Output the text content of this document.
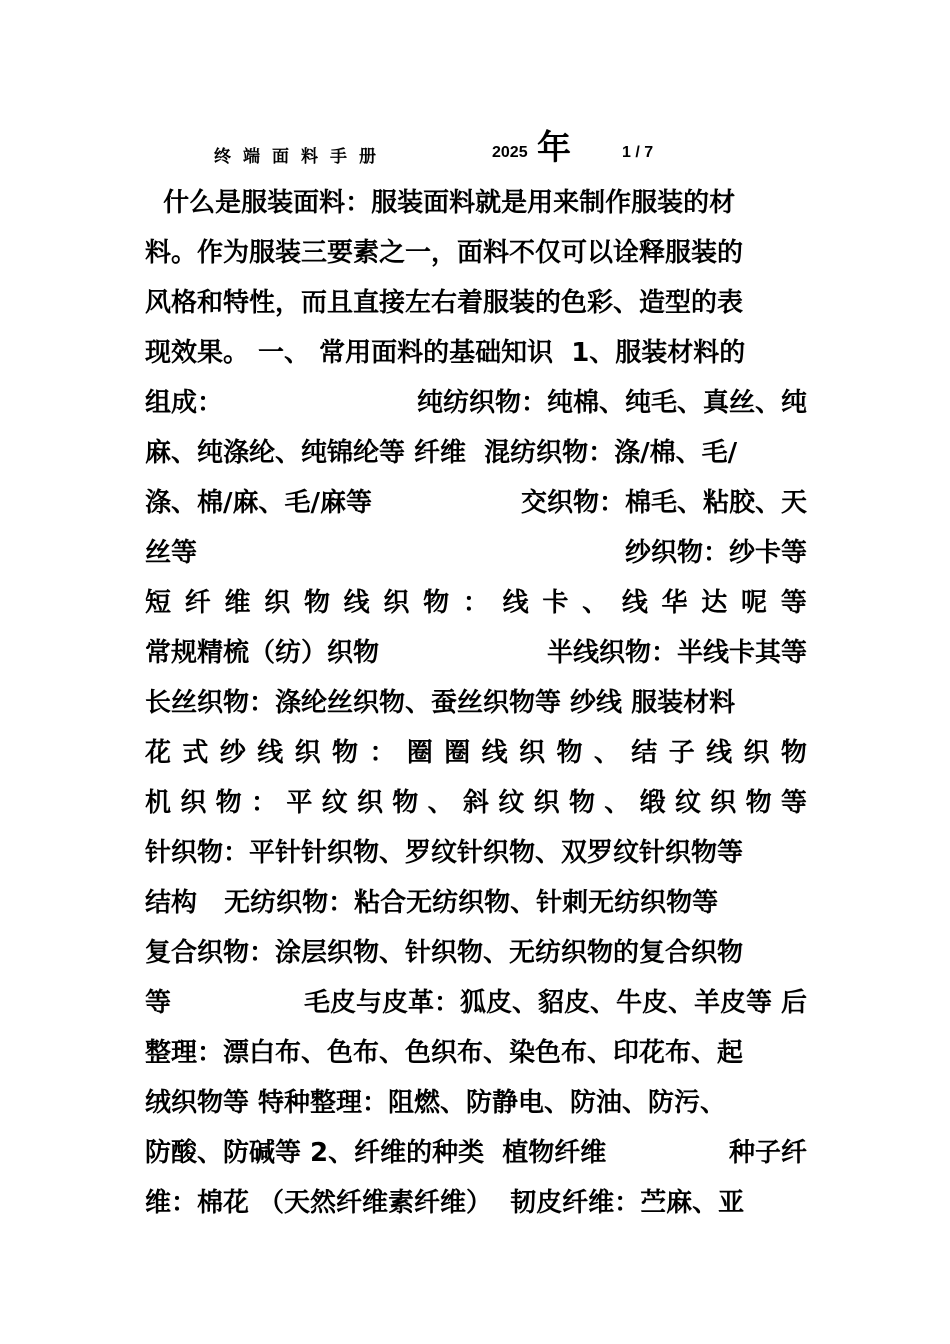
终端面料手册	2025 年	1 / 7
什么是服装面料：服装面料就是用来制作服装的材
料。作为服装三要素之一，面料不仅可以诠释服装的
风格和特性，而且直接左右着服装的色彩、造型的表
现效果。 一、 常用面料的基础知识  1、服装材料的
组成：	纯纺织物：纯棉、纯毛、真丝、纯
麻、纯涤纶、纯锦纶等 纤维  混纺织物：涤/棉、毛/
涤、棉/麻、毛/麻等	交织物：棉毛、粘胶、天
丝等	纱织物：纱卡等
短 纤 维 织 物 线 织 物 ： 线 卡 、 线 华 达 呢 等
常规精梳（纺）织物	半线织物：半线卡其等
长丝织物：涤纶丝织物、蚕丝织物等 纱线 服装材料
花 式 纱 线 织 物 ： 圈 圈 线 织 物 、 结 子 线 织 物
机 织 物 ： 平 纹 织 物 、 斜 纹 织 物 、 缎 纹 织 物 等
针织物：平针针织物、罗纹针织物、双罗纹针织物等
结构   无纺织物：粘合无纺织物、针刺无纺织物等
复合织物：涂层织物、针织物、无纺织物的复合织物
等	毛皮与皮革：狐皮、貂皮、牛皮、羊皮等 后
整理：漂白布、色布、色织布、染色布、印花布、起
绒织物等 特种整理：阻燃、防静电、防油、防污、
防酸、防碱等 2、纤维的种类  植物纤维	种子纤
维：棉花 （天然纤维素纤维）  韧皮纤维：苎麻、亚
